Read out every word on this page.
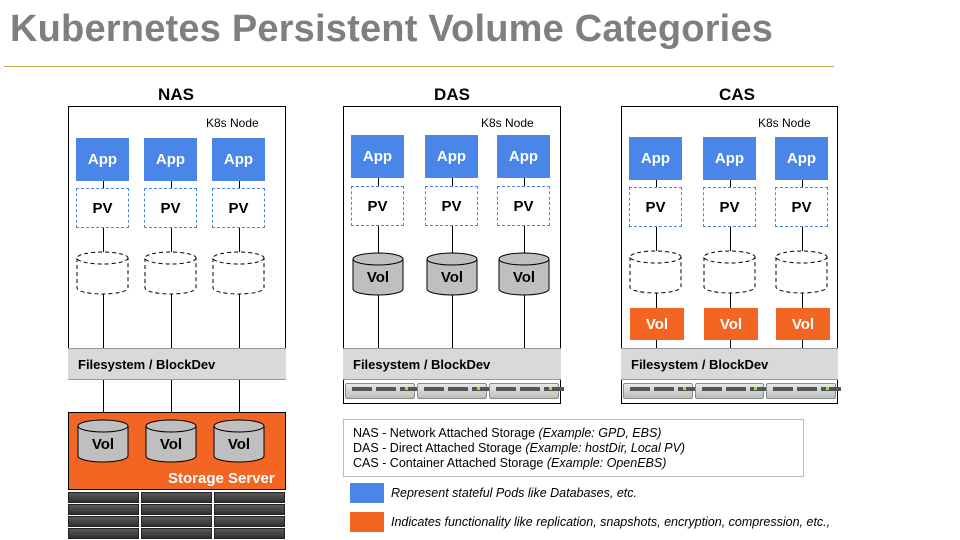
Kubernetes Persistent Volume Categories
NAS
K8s Node
App
PV
App
PV
App
PV
Filesystem / BlockDev
DAS
K8s Node
App
PV
Vol
App
PV
Vol
App
PV
Vol
Filesystem / BlockDev
CAS
K8s Node
App
PV
Vol
App
PV
Vol
App
PV
Vol
Filesystem / BlockDev
Vol	Vol	Vol
Storage Server
NAS - Network Attached Storage (Example: GPD, EBS)
DAS - Direct Attached Storage (Example: hostDir, Local PV)
CAS - Container Attached Storage (Example: OpenEBS)
Represent stateful Pods like Databases, etc.
Indicates functionality like replication, snapshots, encryption, compression, etc.,
